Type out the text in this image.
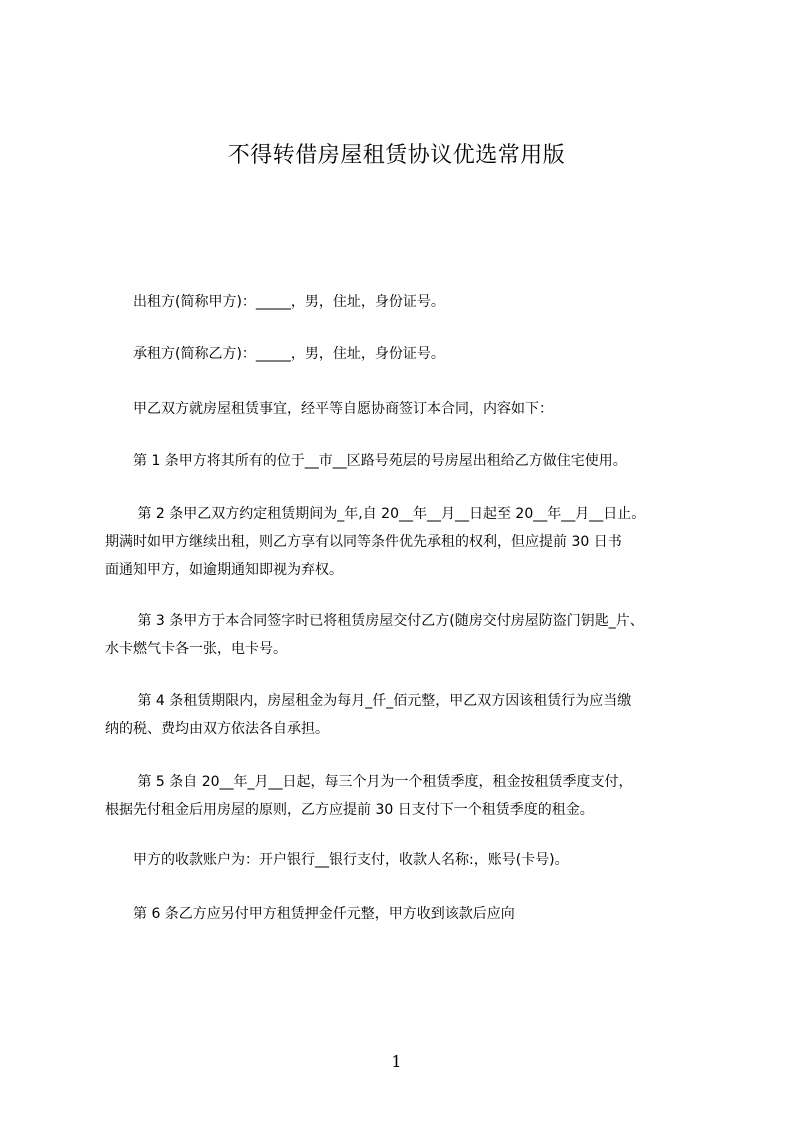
不得转借房屋租赁协议优选常用版
　　出租方(简称甲方)：_____，男，住址，身份证号。
　　承租方(简称乙方)：_____，男，住址，身份证号。
　　甲乙双方就房屋租赁事宜，经平等自愿协商签订本合同，内容如下：
　　第 1 条甲方将其所有的位于__市__区路号苑层的号房屋出租给乙方做住宅使用。
　　 第 2 条甲乙双方约定租赁期间为_年,自 20__年__月__日起至 20__年__月__日止。
期满时如甲方继续出租，则乙方享有以同等条件优先承租的权利，但应提前 30 日书
面通知甲方，如逾期通知即视为弃权。
　　 第 3 条甲方于本合同签字时已将租赁房屋交付乙方(随房交付房屋防盗门钥匙_片、
水卡燃气卡各一张，电卡号。
　　 第 4 条租赁期限内，房屋租金为每月_仟_佰元整，甲乙双方因该租赁行为应当缴
纳的税、费均由双方依法各自承担。
　　 第 5 条自 20__年_月__日起，每三个月为一个租赁季度，租金按租赁季度支付，
根据先付租金后用房屋的原则，乙方应提前 30 日支付下一个租赁季度的租金。
　　甲方的收款账户为：开户银行__银行支付，收款人名称:，账号(卡号)。
　　第 6 条乙方应另付甲方租赁押金仟元整，甲方收到该款后应向
1
